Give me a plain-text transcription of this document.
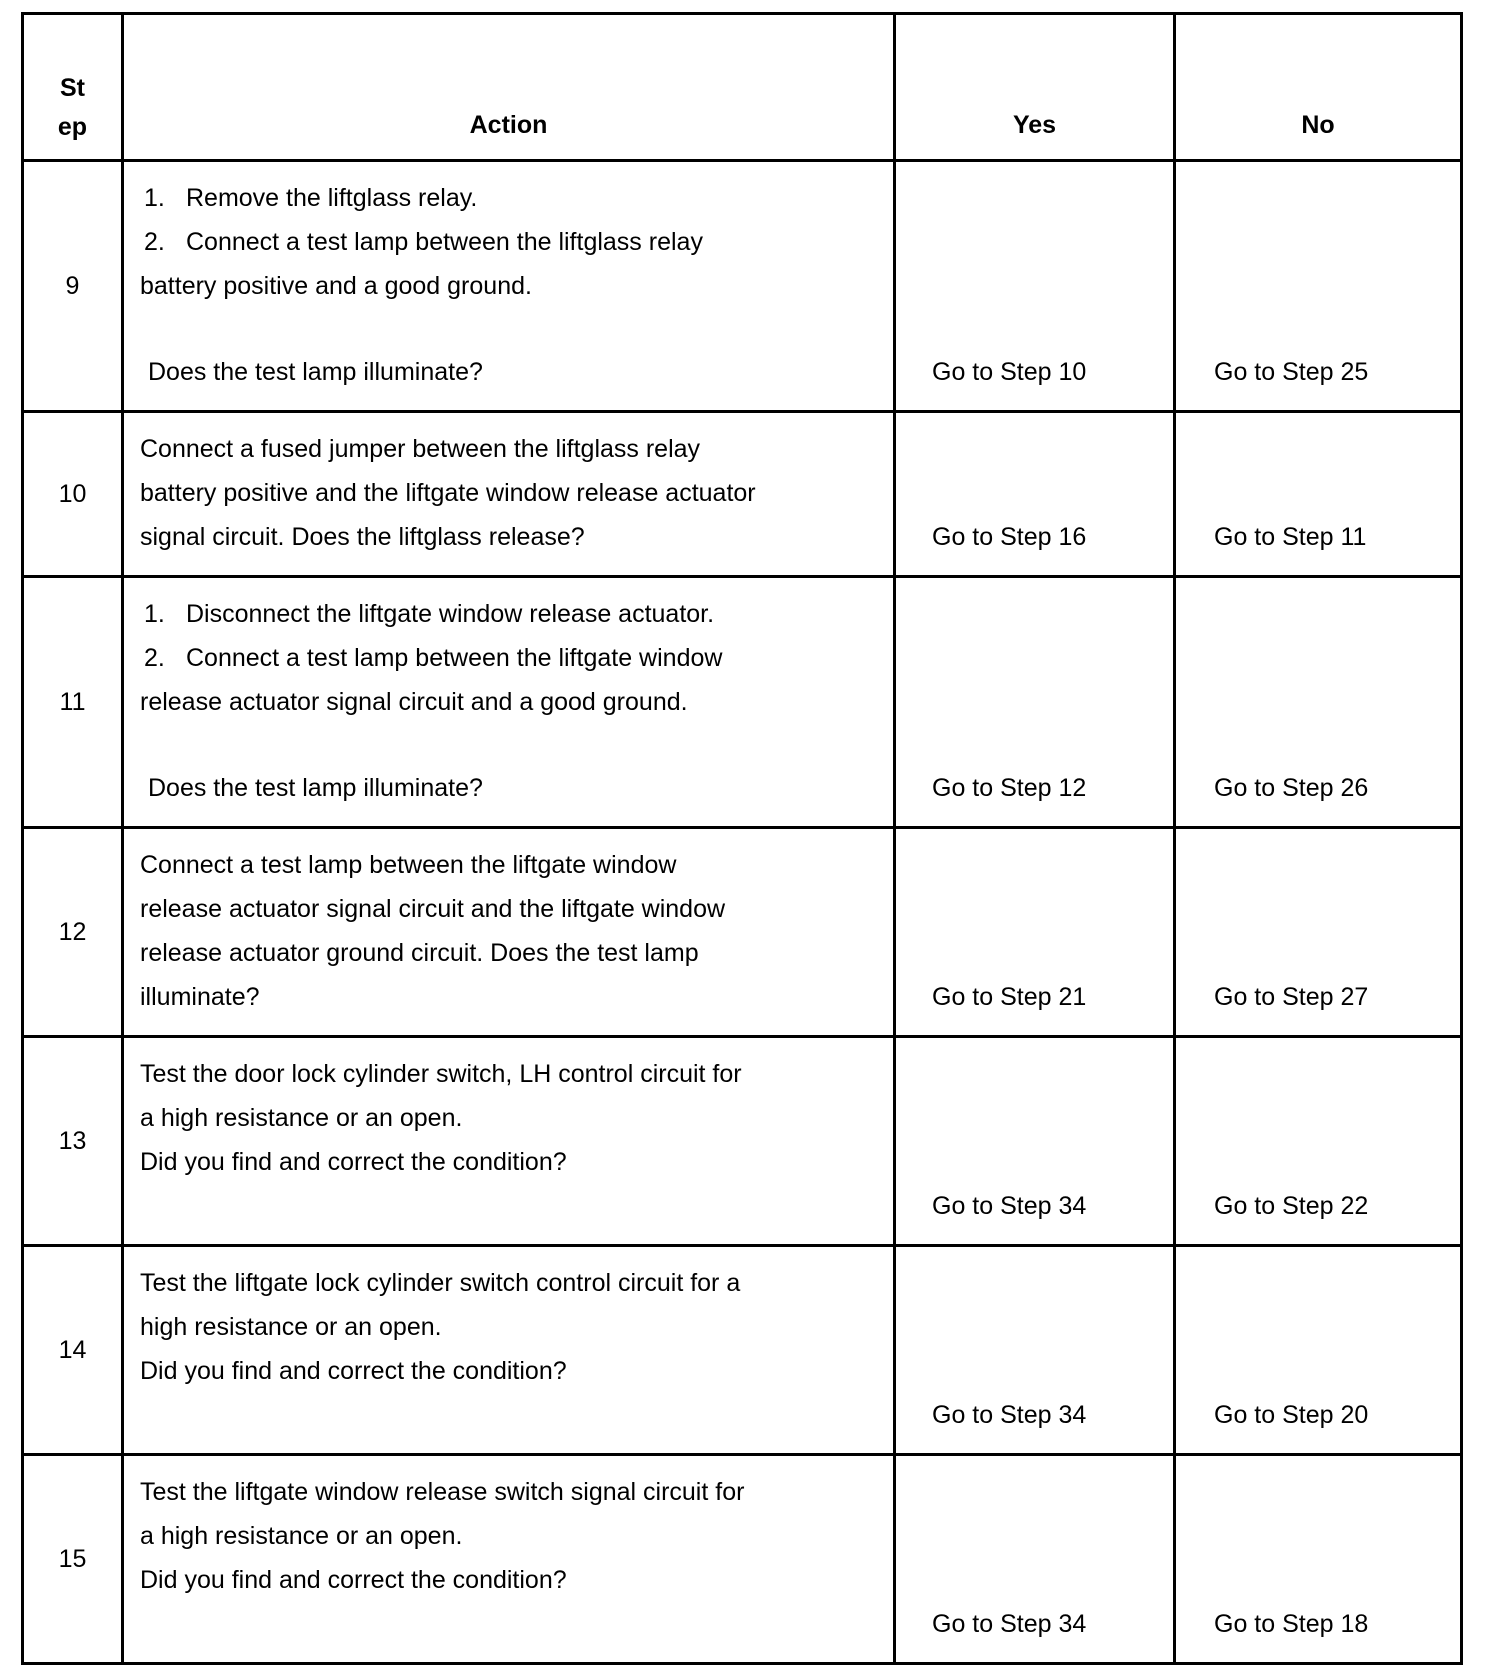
St
ep	Action	Yes	No
9	1. Remove the liftglass relay.
2. Connect a test lamp between the liftglass relay
battery positive and a good ground.
Does the test lamp illuminate?	Go to Step 10	Go to Step 25
10	Connect a fused jumper between the liftglass relay
battery positive and the liftgate window release actuator
signal circuit. Does the liftglass release?	Go to Step 16	Go to Step 11
11	1. Disconnect the liftgate window release actuator.
2. Connect a test lamp between the liftgate window
release actuator signal circuit and a good ground.
Does the test lamp illuminate?	Go to Step 12	Go to Step 26
12	Connect a test lamp between the liftgate window
release actuator signal circuit and the liftgate window
release actuator ground circuit. Does the test lamp
illuminate?	Go to Step 21	Go to Step 27
13	Test the door lock cylinder switch, LH control circuit for
a high resistance or an open.
Did you find and correct the condition?	Go to Step 34	Go to Step 22
14	Test the liftgate lock cylinder switch control circuit for a
high resistance or an open.
Did you find and correct the condition?	Go to Step 34	Go to Step 20
15	Test the liftgate window release switch signal circuit for
a high resistance or an open.
Did you find and correct the condition?	Go to Step 34	Go to Step 18
